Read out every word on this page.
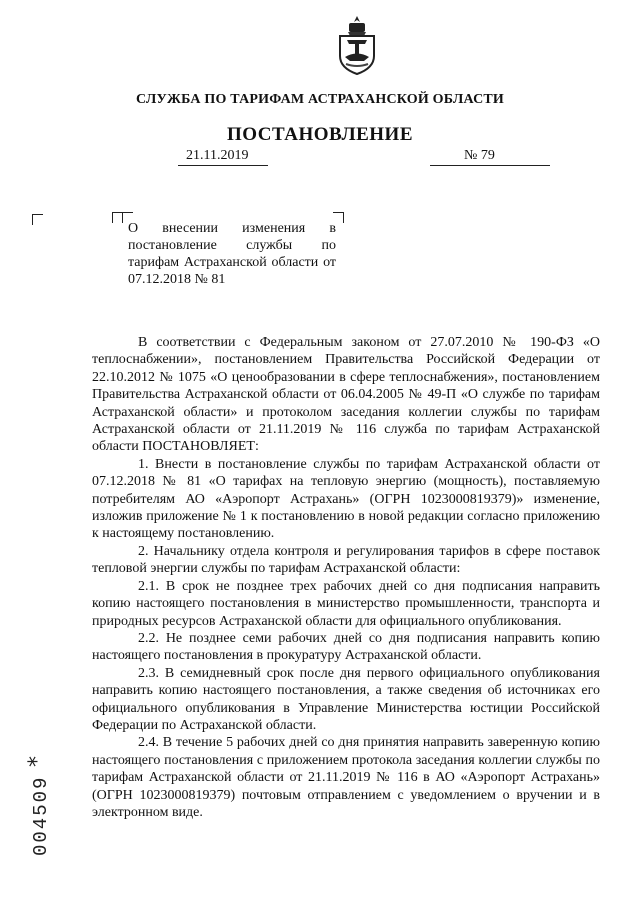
СЛУЖБА ПО ТАРИФАМ АСТРАХАНСКОЙ ОБЛАСТИ
ПОСТАНОВЛЕНИЕ
21.11.2019	№ 79
О внесении изменения в постановление службы по тарифам Астраханской области от 07.12.2018 № 81

В соответствии с Федеральным законом от 27.07.2010 № 190-ФЗ «О теплоснабжении», постановлением Правительства Российской Федерации от 22.10.2012 № 1075 «О ценообразовании в сфере теплоснабжения», постановлением Правительства Астраханской области от 06.04.2005 № 49-П «О службе по тарифам Астраханской области» и протоколом заседания коллегии службы по тарифам Астраханской области от 21.11.2019 № 116 службa по тарифам Астраханской области ПОСТАНОВЛЯЕТ:

1. Внести в постановление службы по тарифам Астраханской области от 07.12.2018 № 81 «О тарифах на тепловую энергию (мощность), поставляемую потребителям АО «Аэропорт Астрахань» (ОГРН 1023000819379)» изменение, изложив приложение № 1 к постановлению в новой редакции согласно приложению к настоящему постановлению.

2. Начальнику отдела контроля и регулирования тарифов в сфере поставок тепловой энергии службы по тарифам Астраханской области:

2.1. В срок не позднее трех рабочих дней со дня подписания направить копию настоящего постановления в министерство промышленности, транспорта и природных ресурсов Астраханской области для официального опубликования.

2.2. Не позднее семи рабочих дней со дня подписания направить копию настоящего постановления в прокуратуру Астраханской области.

2.3. В семидневный срок после дня первого официального опубликования направить копию настоящего постановления, а также сведения об источниках его официального опубликования в Управление Министерства юстиции Российской Федерации по Астраханской области.

2.4. В течение 5 рабочих дней со дня принятия направить заверенную копию настоящего постановления с приложением протокола заседания коллегии службы по тарифам Астраханской области от 21.11.2019 № 116 в АО «Аэропорт Астрахань» (ОГРН 1023000819379) почтовым отправлением с уведомлением о вручении и в электронном виде.

*
004509
